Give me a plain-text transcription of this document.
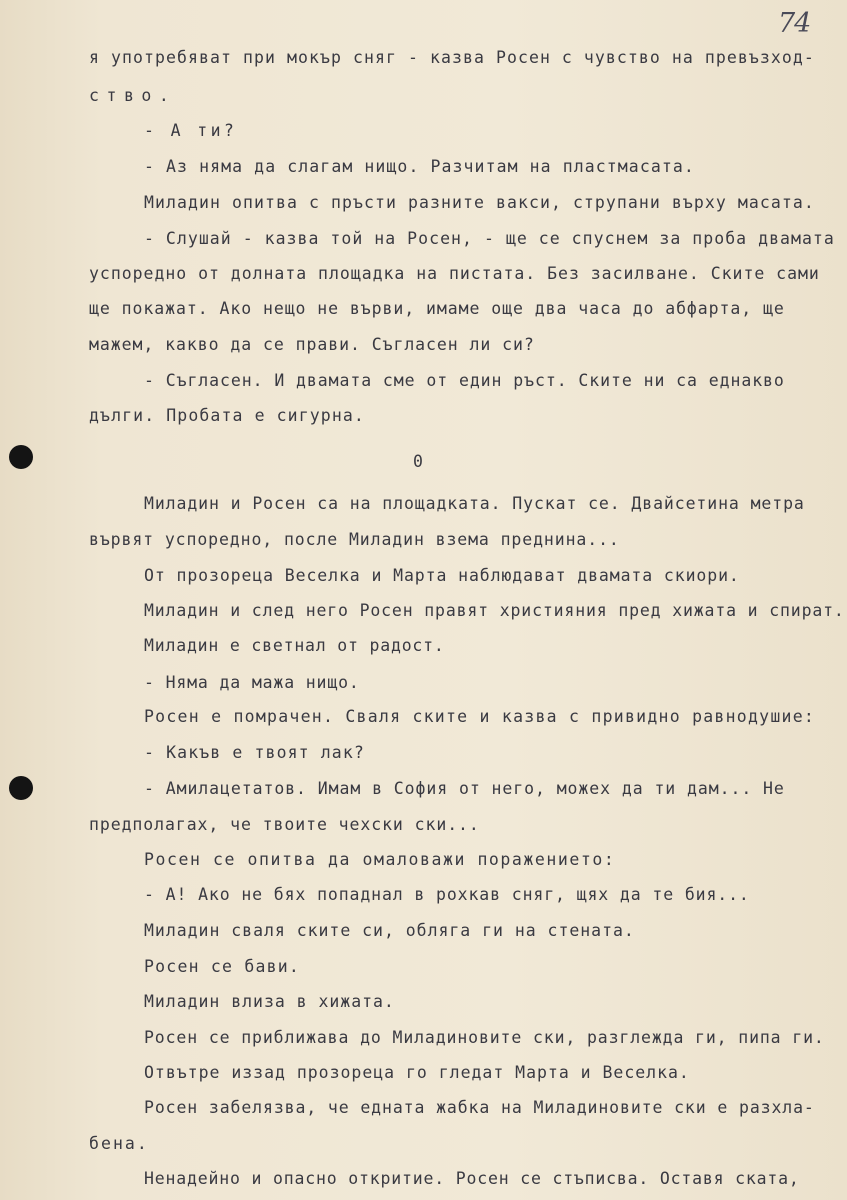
74
я употребяват при мокър сняг - казва Росен с чувство на превъзход-
ство.
- А ти?
- Аз няма да слагам нищо. Разчитам на пластмасата.
Миладин опитва с пръсти разните вакси, струпани върху масата.
- Слушай - казва той на Росен, - ще се спуснем за проба двамата
успоредно от долната площадка на пистата. Без засилване. Ските сами
ще покажат. Ако нещо не върви, имаме още два часа до абфарта, ще
мажем, какво да се прави. Съгласен ли си?
- Съгласен. И двамата сме от един ръст. Ските ни са еднакво
дълги. Пробата е сигурна.
0
Миладин и Росен са на площадката. Пускат се. Двайсетина метра
вървят успоредно, после Миладин взема преднина...
От прозореца Веселка и Марта наблюдават двамата скиори.
Миладин и след него Росен правят християния пред хижата и спират.
Миладин е светнал от радост.
- Няма да мажа нищо.
Росен е помрачен. Сваля ските и казва с привидно равнодушие:
- Какъв е твоят лак?
- Амилацетатов. Имам в София от него, можех да ти дам... Не
предполагах, че твоите чехски ски...
Росен се опитва да омаловажи поражението:
- А! Ако не бях попаднал в рохкав сняг, щях да те бия...
Миладин сваля ските си, обляга ги на стената.
Росен се бави.
Миладин влиза в хижата.
Росен се приближава до Миладиновите ски, разглежда ги, пипа ги.
Отвътре иззад прозореца го гледат Марта и Веселка.
Росен забелязва, че едната жабка на Миладиновите ски е разхла-
бена.
Ненадейно и опасно откритие. Росен се стъписва. Оставя ската,
